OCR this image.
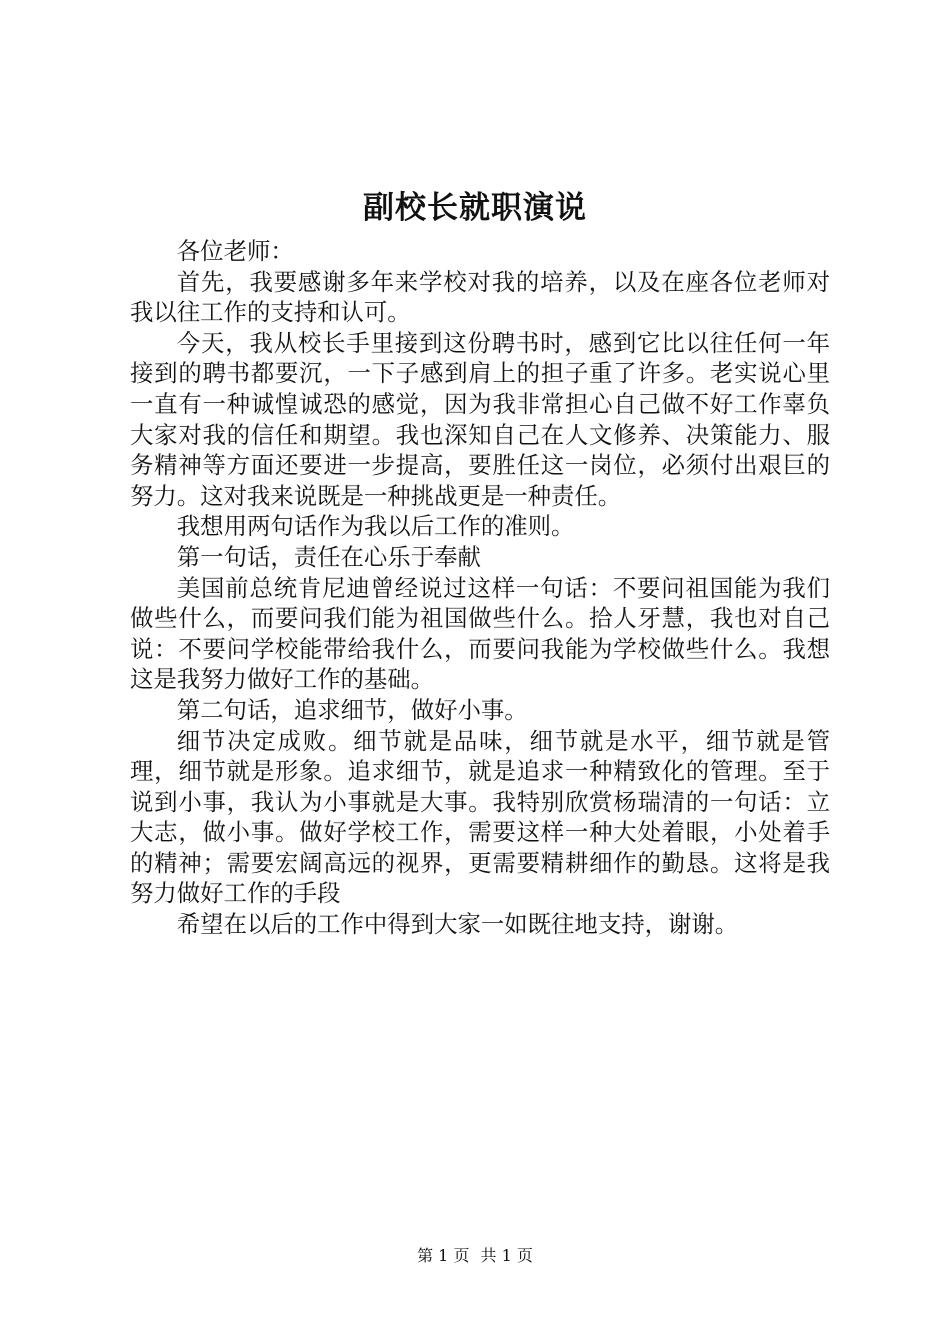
副校长就职演说

各位老师：

首先，我要感谢多年来学校对我的培养，以及在座各位老师对我以往工作的支持和认可。

今天，我从校长手里接到这份聘书时，感到它比以往任何一年接到的聘书都要沉，一下子感到肩上的担子重了许多。老实说心里一直有一种诚惶诚恐的感觉，因为我非常担心自己做不好工作辜负大家对我的信任和期望。我也深知自己在人文修养、决策能力、服务精神等方面还要进一步提高，要胜任这一岗位，必须付出艰巨的努力。这对我来说既是一种挑战更是一种责任。

我想用两句话作为我以后工作的准则。

第一句话，责任在心乐于奉献

美国前总统肯尼迪曾经说过这样一句话：不要问祖国能为我们做些什么，而要问我们能为祖国做些什么。拾人牙慧，我也对自己说：不要问学校能带给我什么，而要问我能为学校做些什么。我想这是我努力做好工作的基础。

第二句话，追求细节，做好小事。

细节决定成败。细节就是品味，细节就是水平，细节就是管理，细节就是形象。追求细节，就是追求一种精致化的管理。至于说到小事，我认为小事就是大事。我特别欣赏杨瑞清的一句话：立大志，做小事。做好学校工作，需要这样一种大处着眼，小处着手的精神；需要宏阔高远的视界，更需要精耕细作的勤恳。这将是我努力做好工作的手段

希望在以后的工作中得到大家一如既往地支持，谢谢。

第 1 页 共 1 页
